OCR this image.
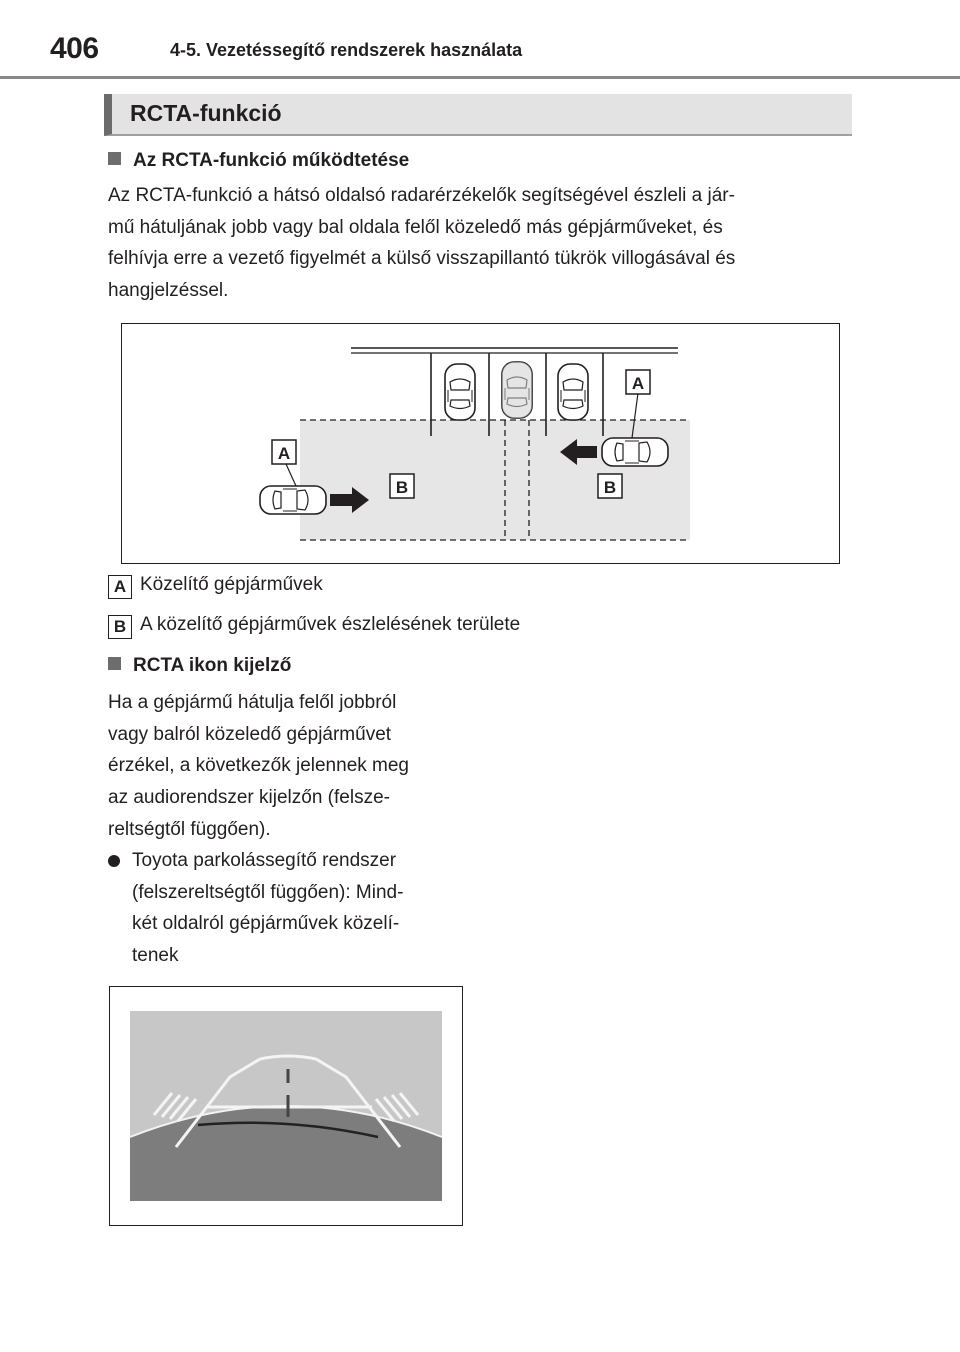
406	4-5. Vezetéssegítő rendszerek használata
RCTA-funkció
Az RCTA-funkció működtetése
Az RCTA-funkció a hátsó oldalsó radarérzékelők segítségével észleli a jár-
mű hátuljának jobb vagy bal oldala felől közeledő más gépjárműveket, és
felhívja erre a vezető figyelmét a külső visszapillantó tükrök villogásával és
hangjelzéssel.
A
A
B	B
A Közelítő gépjárművek
B A közelítő gépjárművek észlelésének területe
RCTA ikon kijelző
Ha a gépjármű hátulja felől jobbról
vagy balról közeledő gépjárművet
érzékel, a következők jelennek meg
az audiorendszer kijelzőn (felsze-
reltségtől függően).
Toyota parkolássegítő rendszer
(felszereltségtől függően): Mind-
két oldalról gépjárművek közelí-
tenek
